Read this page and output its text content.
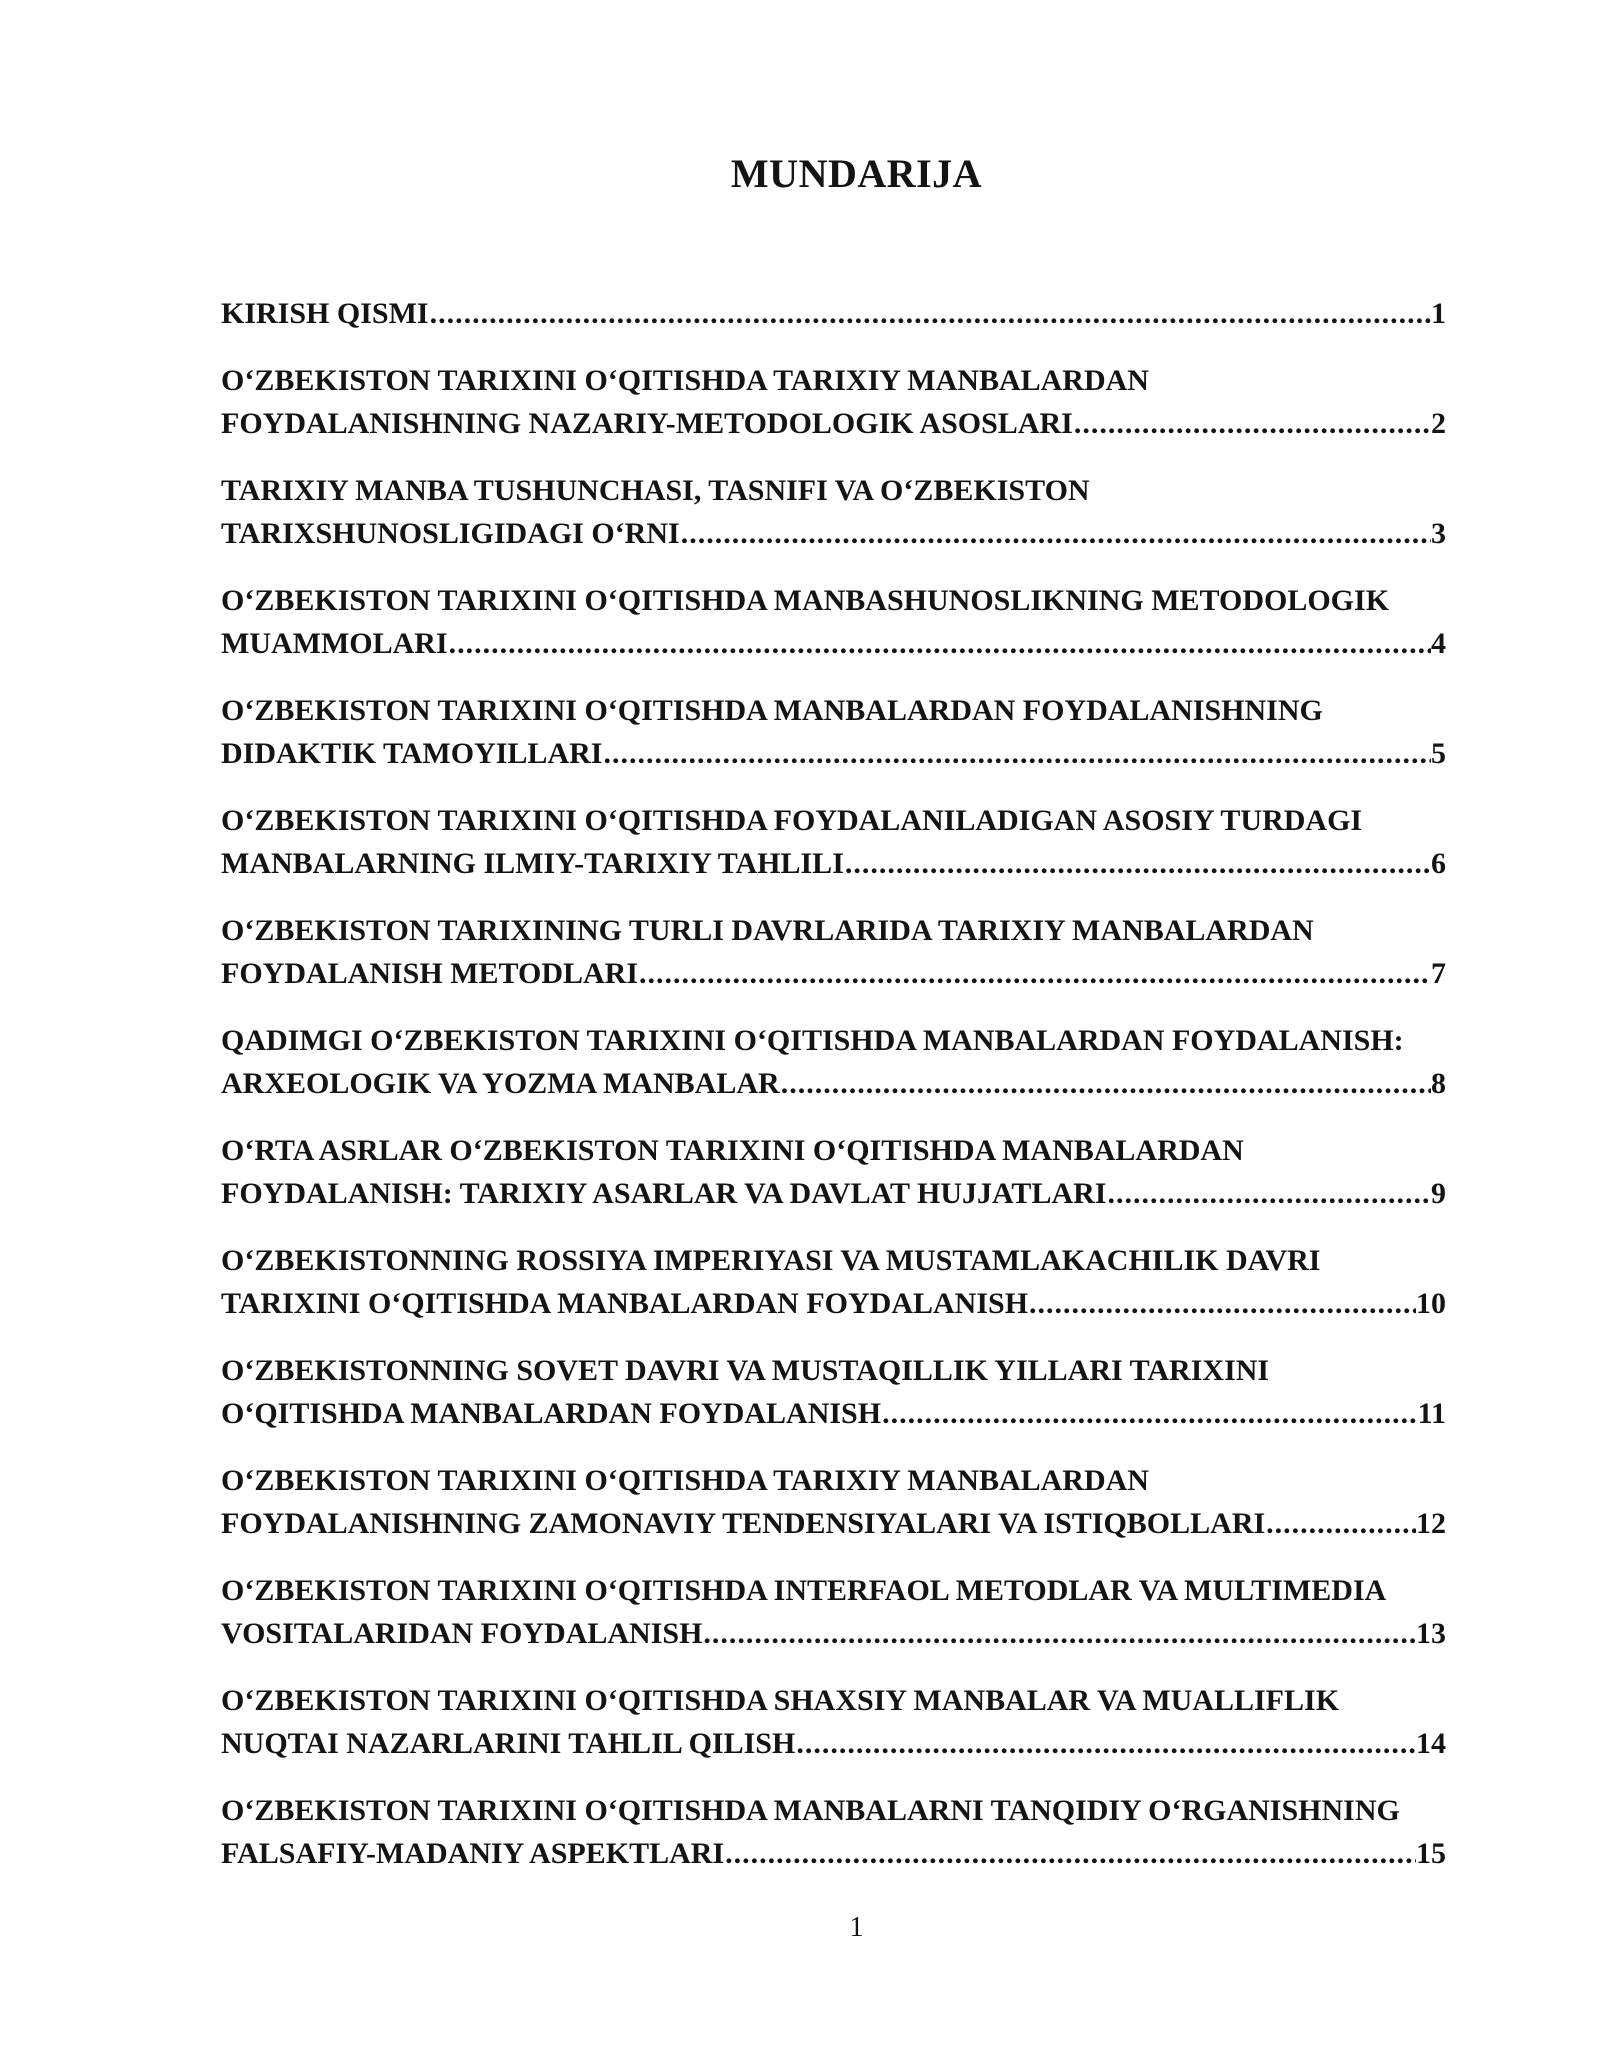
MUNDARIJA
KIRISH QISMI .....	1
O‘ZBEKISTON TARIXINI O‘QITISHDA TARIXIY MANBALARDAN
FOYDALANISHNING NAZARIY-METODOLOGIK ASOSLARI .....	2
TARIXIY MANBA TUSHUNCHASI, TASNIFI VA O‘ZBEKISTON
TARIXSHUNOSLIGIDAGI O‘RNI .....	3
O‘ZBEKISTON TARIXINI O‘QITISHDA MANBASHUNOSLIKNING METODOLOGIK
MUAMMOLARI .....	4
O‘ZBEKISTON TARIXINI O‘QITISHDA MANBALARDAN FOYDALANISHNING
DIDAKTIK TAMOYILLARI .....	5
O‘ZBEKISTON TARIXINI O‘QITISHDA FOYDALANILADIGAN ASOSIY TURDAGI
MANBALARNING ILMIY-TARIXIY TAHLILI .....	6
O‘ZBEKISTON TARIXINING TURLI DAVRLARIDA TARIXIY MANBALARDAN
FOYDALANISH METODLARI .....	7
QADIMGI O‘ZBEKISTON TARIXINI O‘QITISHDA MANBALARDAN FOYDALANISH:
ARXEOLOGIK VA YOZMA MANBALAR .....	8
O‘RTA ASRLAR O‘ZBEKISTON TARIXINI O‘QITISHDA MANBALARDAN
FOYDALANISH: TARIXIY ASARLAR VA DAVLAT HUJJATLARI .....	9
O‘ZBEKISTONNING ROSSIYA IMPERIYASI VA MUSTAMLAKACHILIK DAVRI
TARIXINI O‘QITISHDA MANBALARDAN FOYDALANISH .....	10
O‘ZBEKISTONNING SOVET DAVRI VA MUSTAQILLIK YILLARI TARIXINI
O‘QITISHDA MANBALARDAN FOYDALANISH .....	11
O‘ZBEKISTON TARIXINI O‘QITISHDA TARIXIY MANBALARDAN
FOYDALANISHNING ZAMONAVIY TENDENSIYALARI VA ISTIQBOLLARI .....	12
O‘ZBEKISTON TARIXINI O‘QITISHDA INTERFAOL METODLAR VA MULTIMEDIA
VOSITALARIDAN FOYDALANISH .....	13
O‘ZBEKISTON TARIXINI O‘QITISHDA SHAXSIY MANBALAR VA MUALLIFLIK
NUQTAI NAZARLARINI TAHLIL QILISH .....	14
O‘ZBEKISTON TARIXINI O‘QITISHDA MANBALARNI TANQIDIY O‘RGANISHNING
FALSAFIY-MADANIY ASPEKTLARI .....	15
1
